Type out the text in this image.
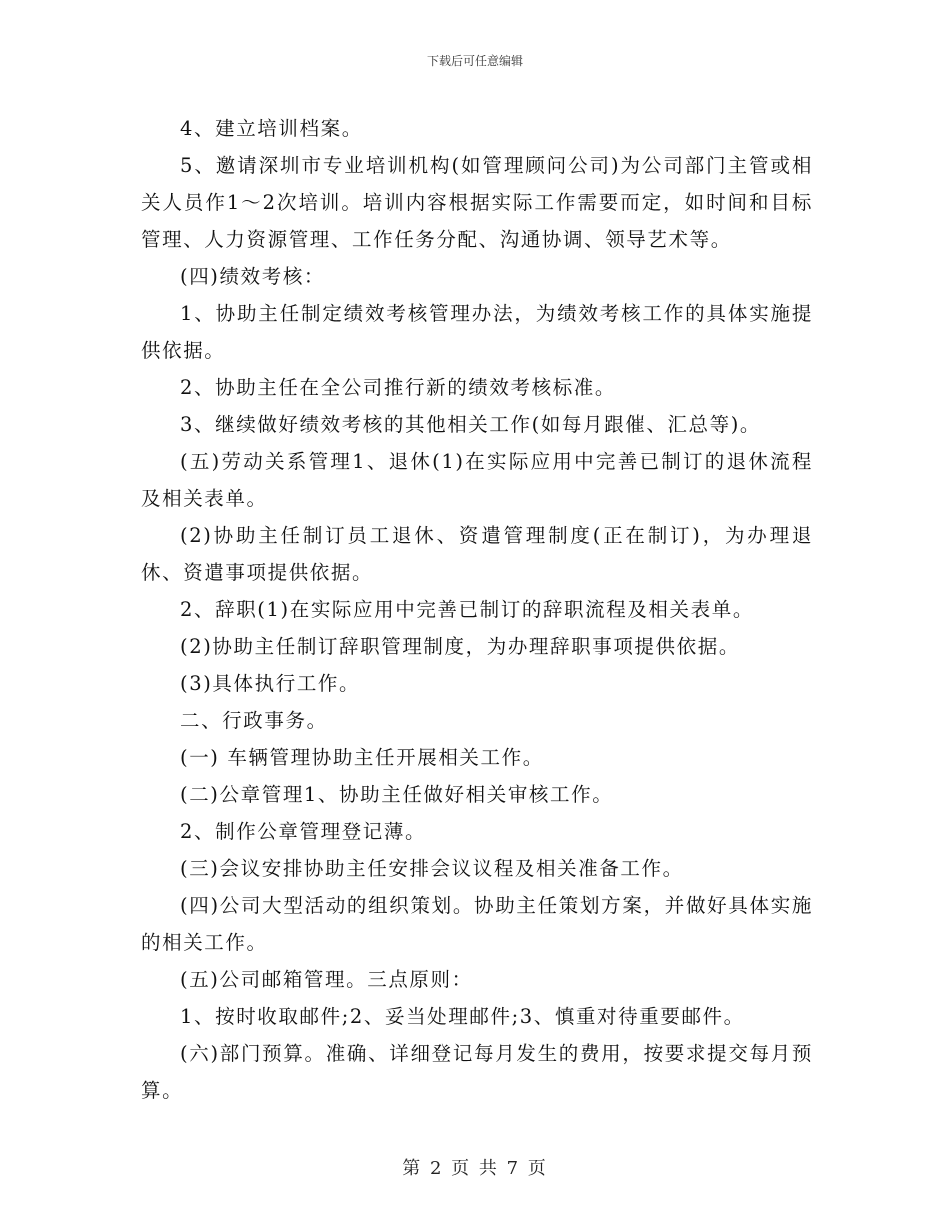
下载后可任意编辑

4、建立培训档案。

5、邀请深圳市专业培训机构(如管理顾问公司)为公司部门主管或相关人员作1～2次培训。培训内容根据实际工作需要而定，如时间和目标管理、人力资源管理、工作任务分配、沟通协调、领导艺术等。

(四)绩效考核：

1、协助主任制定绩效考核管理办法，为绩效考核工作的具体实施提供依据。

2、协助主任在全公司推行新的绩效考核标准。

3、继续做好绩效考核的其他相关工作(如每月跟催、汇总等)。

(五)劳动关系管理1、退休(1)在实际应用中完善已制订的退休流程及相关表单。

(2)协助主任制订员工退休、资遣管理制度(正在制订)，为办理退休、资遣事项提供依据。

2、辞职(1)在实际应用中完善已制订的辞职流程及相关表单。

(2)协助主任制订辞职管理制度，为办理辞职事项提供依据。

(3)具体执行工作。

二、行政事务。

(一) 车辆管理协助主任开展相关工作。

(二)公章管理1、协助主任做好相关审核工作。

2、制作公章管理登记薄。

(三)会议安排协助主任安排会议议程及相关准备工作。

(四)公司大型活动的组织策划。协助主任策划方案，并做好具体实施的相关工作。

(五)公司邮箱管理。三点原则：

1、按时收取邮件;2、妥当处理邮件;3、慎重对待重要邮件。

(六)部门预算。准确、详细登记每月发生的费用，按要求提交每月预算。

第 2 页 共 7 页
